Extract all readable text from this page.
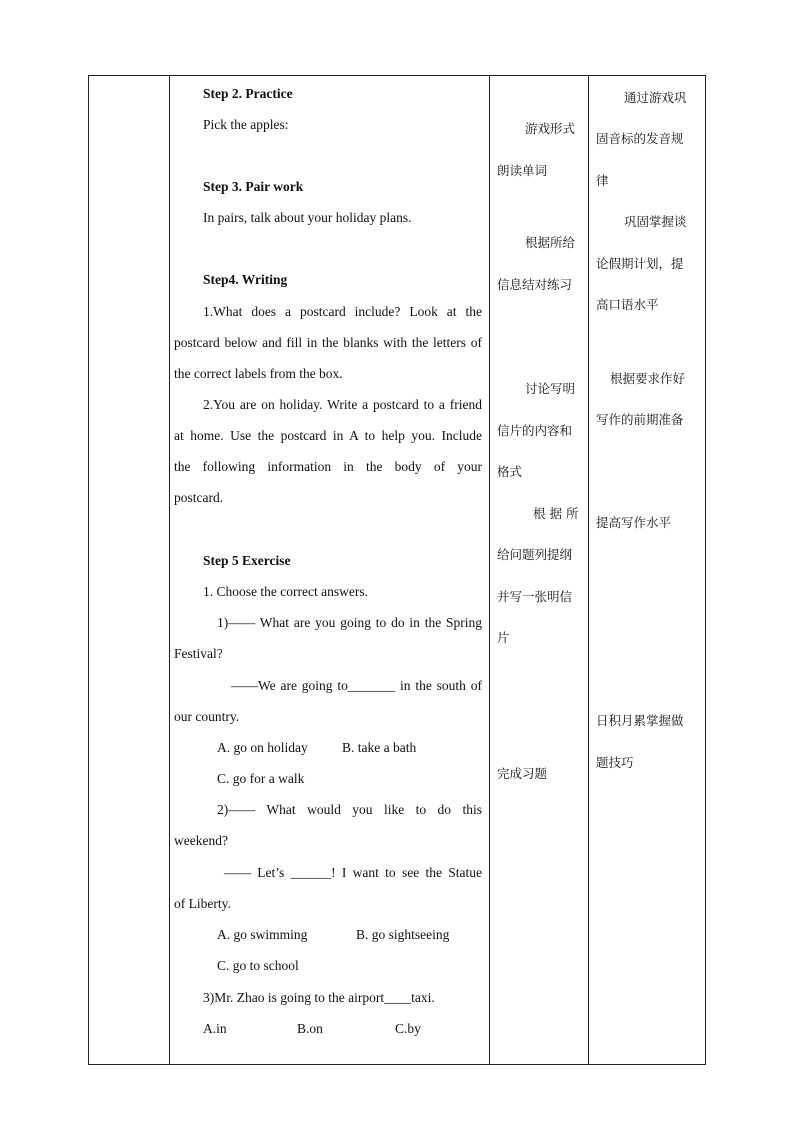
Step 2. Practice
Pick the apples:
Step 3. Pair work
In pairs, talk about your holiday plans.
Step4. Writing
1.What does a postcard include? Look at the
postcard below and fill in the blanks with the letters of
the correct labels from the box.
2.You are on holiday. Write a postcard to a friend
at home. Use the postcard in A to help you. Include
the following information in the body of your
postcard.
Step 5 Exercise
1. Choose the correct answers.
1)—— What are you going to do in the Spring
Festival?
——We are going to_______ in the south of
our country.
A. go on holiday	B. take a bath
C. go for a walk
2)—— What would you like to do this
weekend?
—— Let’s ______! I want to see the Statue
of Liberty.
A. go swimming	B. go sightseeing
C. go to school
3)Mr. Zhao is going to the airport____taxi.
A.in	B.on	C.by
游戏形式
朗读单词
根据所给
信息结对练习
讨论写明
信片的内容和
格式
根 据 所
给问题列提纲
并写一张明信
片
完成习题
通过游戏巩
固音标的发音规
律
巩固掌握谈
论假期计划，提
高口语水平
根据要求作好
写作的前期准备
提高写作水平
日积月累掌握做
题技巧
